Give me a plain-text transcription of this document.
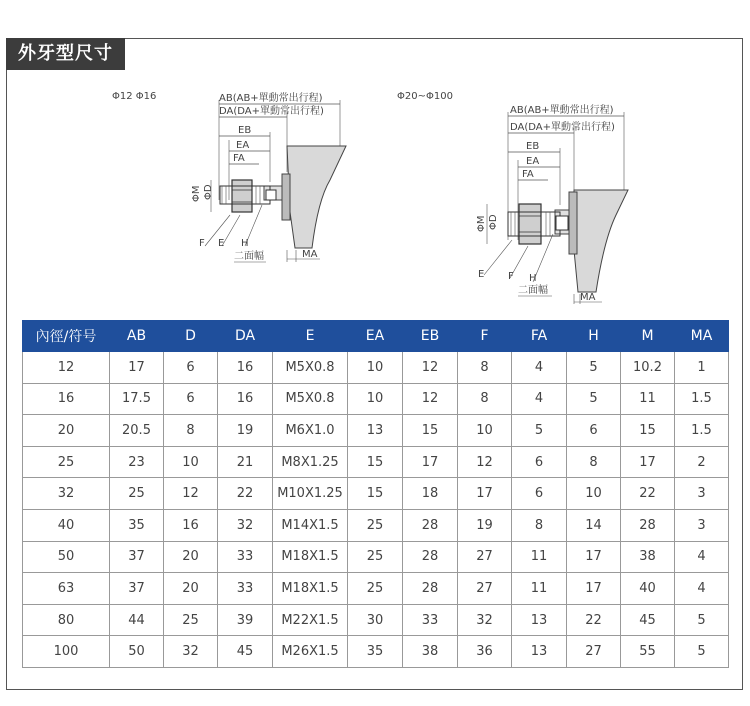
外牙型尺寸
Φ12 Φ16	AB(AB+單動常出行程)
DA(DA+單動常出行程)
EB
EA
FA
ΦM ΦD
F E H
二面幅	MA
Φ20~Φ100
AB(AB+單動常出行程)
DA(DA+單動常出行程)
EB
EA
FA
ΦM ΦD
E F H
二面幅
MA
內徑/符号	AB	D	DA	E	EA	EB	F	FA	H	M	MA
12	17	6	16	M5X0.8	10	12	8	4	5	10.2	1
16	17.5	6	16	M5X0.8	10	12	8	4	5	11	1.5
20	20.5	8	19	M6X1.0	13	15	10	5	6	15	1.5
25	23	10	21	M8X1.25	15	17	12	6	8	17	2
32	25	12	22	M10X1.25	15	18	17	6	10	22	3
40	35	16	32	M14X1.5	25	28	19	8	14	28	3
50	37	20	33	M18X1.5	25	28	27	11	17	38	4
63	37	20	33	M18X1.5	25	28	27	11	17	40	4
80	44	25	39	M22X1.5	30	33	32	13	22	45	5
100	50	32	45	M26X1.5	35	38	36	13	27	55	5
